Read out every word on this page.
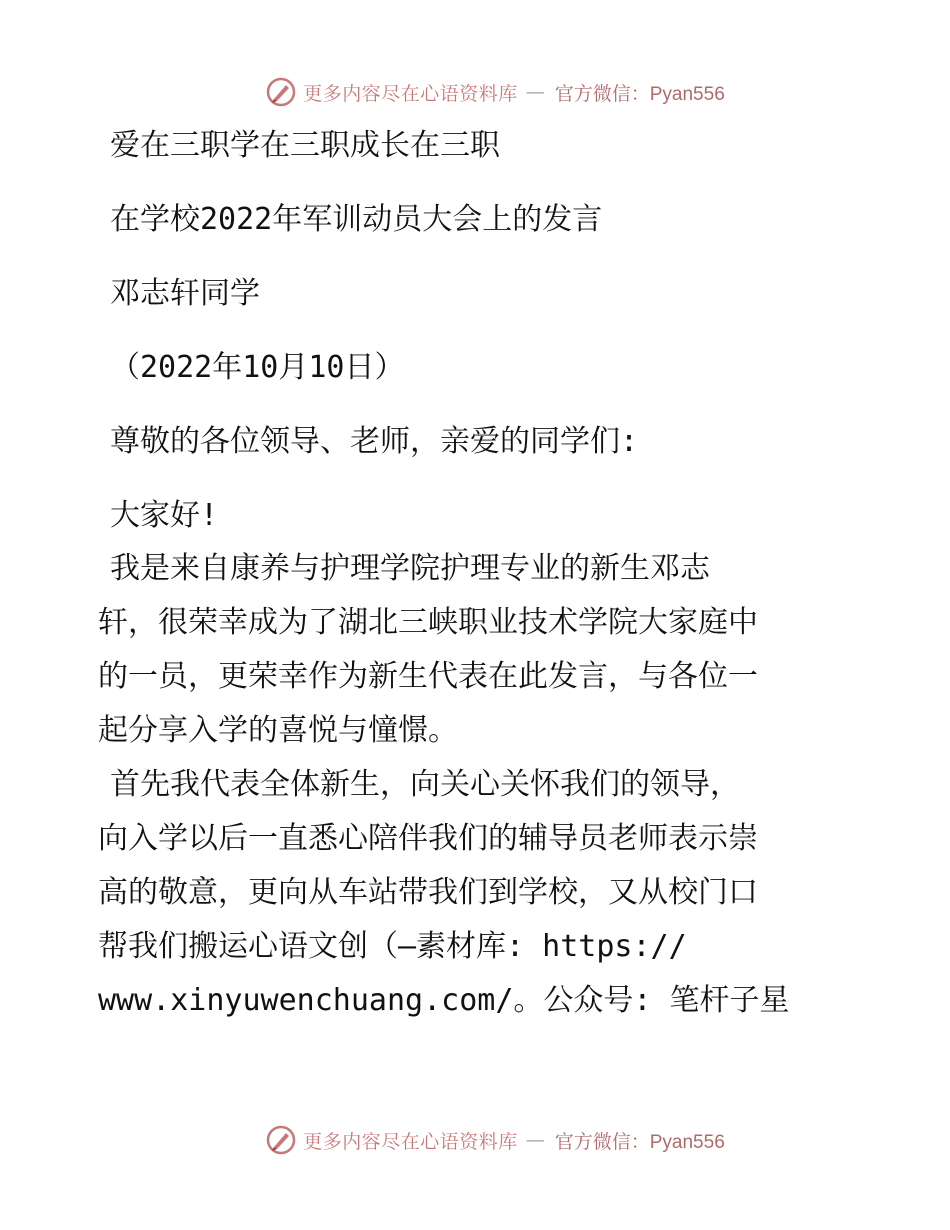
更多内容尽在心语资料库 — 官方微信：Pyan556

爱在三职学在三职成长在三职

在学校2022年军训动员大会上的发言

邓志轩同学

（2022年10月10日）

尊敬的各位领导、老师，亲爱的同学们:

大家好!

我是来自康养与护理学院护理专业的新生邓志
轩，很荣幸成为了湖北三峡职业技术学院大家庭中
的一员，更荣幸作为新生代表在此发言，与各位一
起分享入学的喜悦与憧憬。
首先我代表全体新生，向关心关怀我们的领导，
向入学以后一直悉心陪伴我们的辅导员老师表示崇
高的敬意，更向从车站带我们到学校，又从校门口
帮我们搬运心语文创（—素材库: https://
www.xinyuwenchuang.com/。公众号: 笔杆子星
更多内容尽在心语资料库 — 官方微信：Pyan556
